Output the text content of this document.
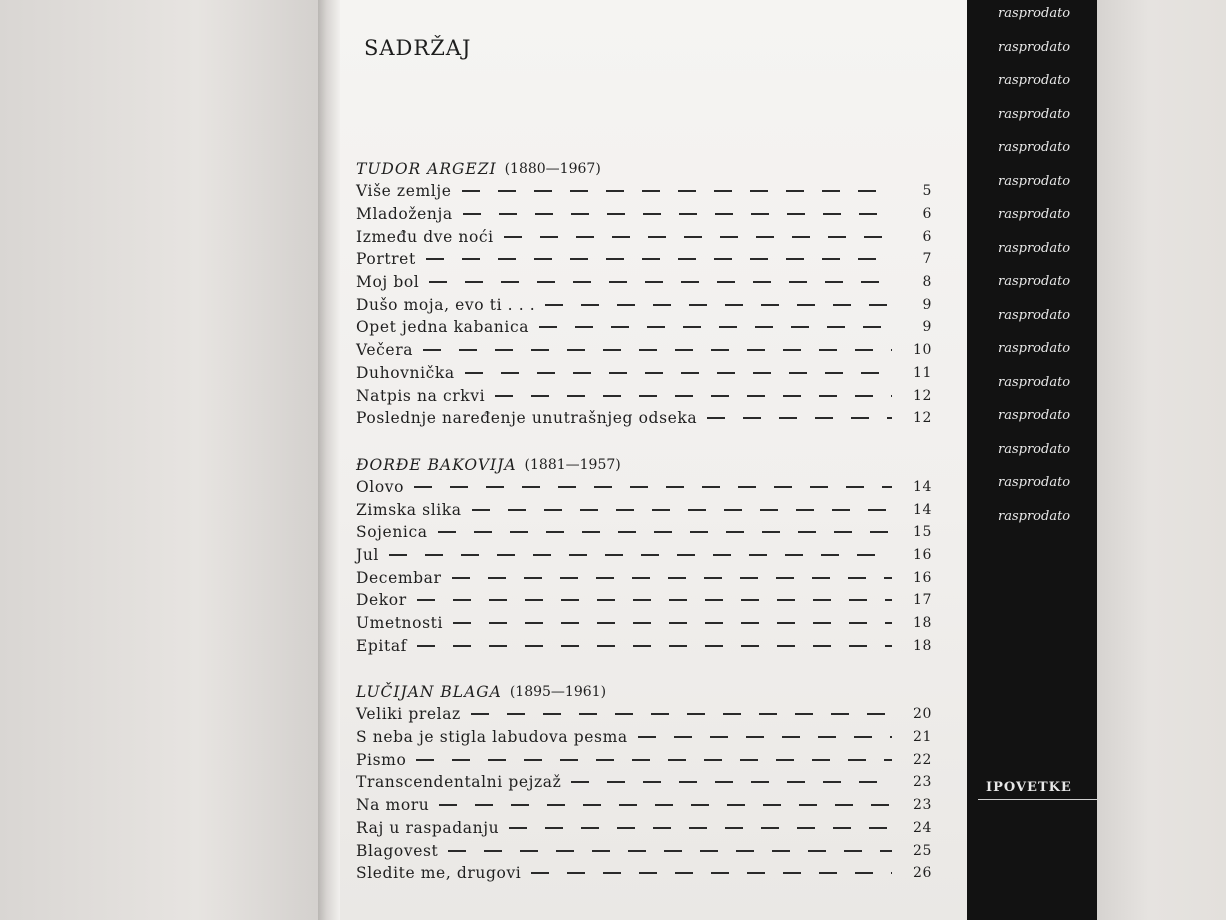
SADRŽAJ
TUDOR ARGEZI (1880—1967)
Više zemlje	5
Mladoženja	6
Između dve noći	6
Portret	7
Moj bol	8
Dušo moja, evo ti . . .	9
Opet jedna kabanica	9
Večera	10
Duhovnička	11
Natpis na crkvi	12
Poslednje naređenje unutrašnjeg odseka	12
ĐORĐE BAKOVIJA (1881—1957)
Olovo	14
Zimska slika	14
Sojenica	15
Jul	16
Decembar	16
Dekor	17
Umetnosti	18
Epitaf	18
LUČIJAN BLAGA (1895—1961)
Veliki prelaz	20
S neba je stigla labudova pesma	21
Pismo	22
Transcendentalni pejzaž	23
Na moru	23
Raj u raspadanju	24
Blagovest	25
Sledite me, drugovi	26
rasprodato
rasprodato
rasprodato
rasprodato
rasprodato
rasprodato
rasprodato
rasprodato
rasprodato
rasprodato
rasprodato
rasprodato
rasprodato
rasprodato
rasprodato
rasprodato
IPOVETKE
